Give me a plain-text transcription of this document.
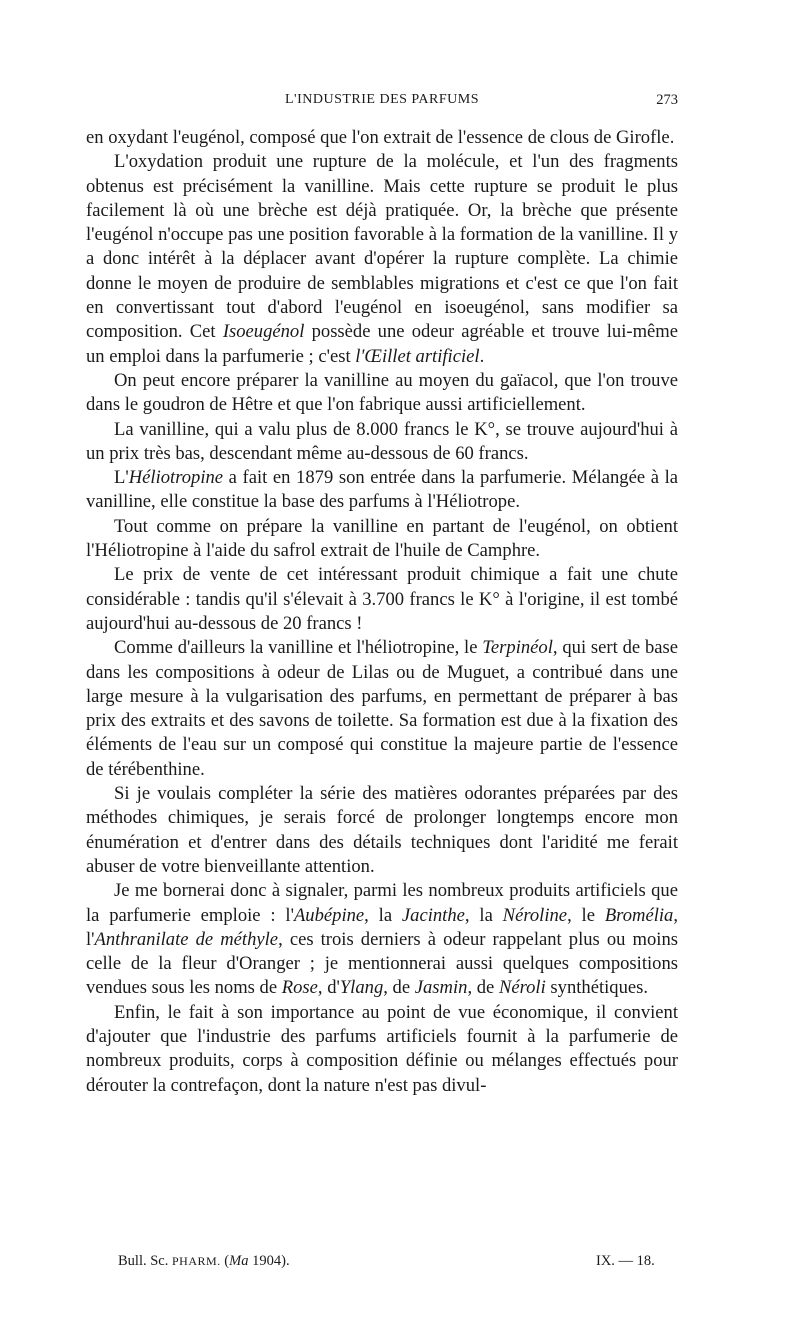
L'INDUSTRIE DES PARFUMS	273

en oxydant l'eugénol, composé que l'on extrait de l'essence de clous de Girofle.

L'oxydation produit une rupture de la molécule, et l'un des fragments obtenus est précisément la vanilline. Mais cette rupture se produit le plus facilement là où une brèche est déjà pratiquée. Or, la brèche que présente l'eugénol n'occupe pas une position favorable à la formation de la vanilline. Il y a donc intérêt à la déplacer avant d'opérer la rupture complète. La chimie donne le moyen de produire de semblables migrations et c'est ce que l'on fait en convertissant tout d'abord l'eugénol en isoeugénol, sans modifier sa composition. Cet Isoeugénol possède une odeur agréable et trouve lui-même un emploi dans la parfumerie ; c'est l'Œillet artificiel.

On peut encore préparer la vanilline au moyen du gaïacol, que l'on trouve dans le goudron de Hêtre et que l'on fabrique aussi artificiellement.

La vanilline, qui a valu plus de 8.000 francs le K°, se trouve aujourd'hui à un prix très bas, descendant même au-dessous de 60 francs.

L'Héliotropine a fait en 1879 son entrée dans la parfumerie. Mélangée à la vanilline, elle constitue la base des parfums à l'Héliotrope.

Tout comme on prépare la vanilline en partant de l'eugénol, on obtient l'Héliotropine à l'aide du safrol extrait de l'huile de Camphre.

Le prix de vente de cet intéressant produit chimique a fait une chute considérable : tandis qu'il s'élevait à 3.700 francs le K° à l'origine, il est tombé aujourd'hui au-dessous de 20 francs !

Comme d'ailleurs la vanilline et l'héliotropine, le Terpinéol, qui sert de base dans les compositions à odeur de Lilas ou de Muguet, a contribué dans une large mesure à la vulgarisation des parfums, en permettant de préparer à bas prix des extraits et des savons de toilette. Sa formation est due à la fixation des éléments de l'eau sur un composé qui constitue la majeure partie de l'essence de térébenthine.

Si je voulais compléter la série des matières odorantes préparées par des méthodes chimiques, je serais forcé de prolonger longtemps encore mon énumération et d'entrer dans des détails techniques dont l'aridité me ferait abuser de votre bienveillante attention.

Je me bornerai donc à signaler, parmi les nombreux produits artificiels que la parfumerie emploie : l'Aubépine, la Jacinthe, la Néroline, le Bromélia, l'Anthranilate de méthyle, ces trois derniers à odeur rappelant plus ou moins celle de la fleur d'Oranger ; je mentionnerai aussi quelques compositions vendues sous les noms de Rose, d'Ylang, de Jasmin, de Néroli synthétiques.

Enfin, le fait à son importance au point de vue économique, il convient d'ajouter que l'industrie des parfums artificiels fournit à la parfumerie de nombreux produits, corps à composition définie ou mélanges effectués pour dérouter la contrefaçon, dont la nature n'est pas divul-

Bull. Sc. PHARM. (Ma 1904).	IX. — 18.
